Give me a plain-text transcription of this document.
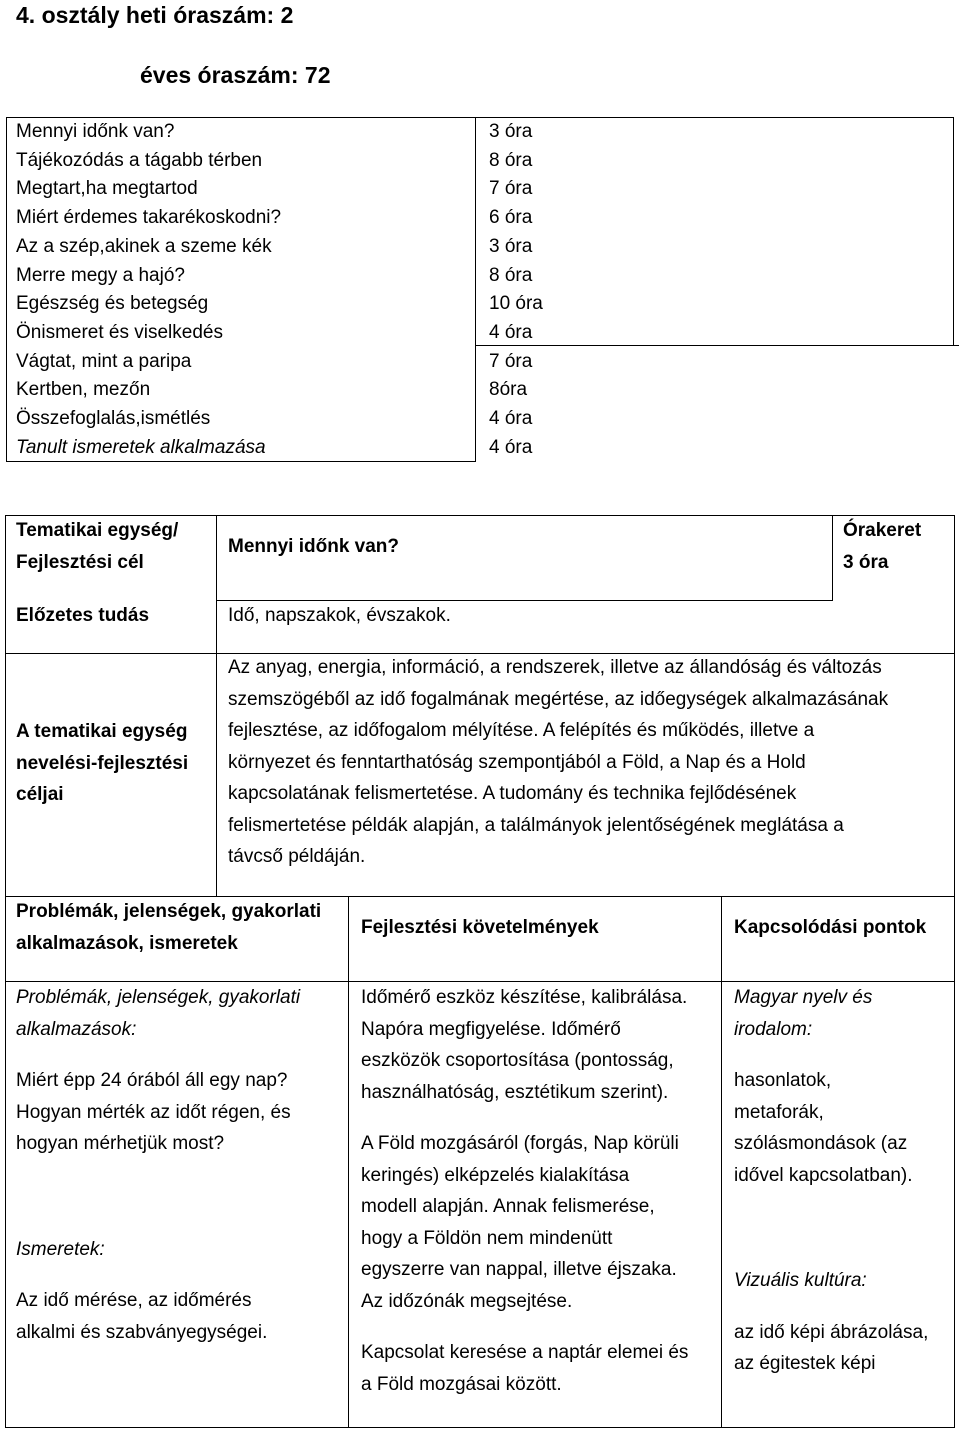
4. osztály heti óraszám: 2
éves óraszám: 72
Mennyi időnk van?
Tájékozódás a tágabb térben
Megtart,ha megtartod
Miért érdemes takarékoskodni?
Az a szép,akinek a szeme kék
Merre megy a hajó?
Egészség és betegség
Önismeret és viselkedés
Vágtat, mint a paripa
Kertben, mezőn
Összefoglalás,ismétlés
Tanult ismeretek alkalmazása
3 óra
8 óra
7 óra
6 óra
3 óra
8 óra
10 óra
4 óra
7 óra
8óra
4 óra
4 óra

Tematikai egység/

Fejlesztési cél

Mennyi időnk van?

Órakeret

3 óra

Előzetes tudás	Idő, napszakok, évszakok.

A tematikai egység

nevelési-fejlesztési

céljai

Az anyag, energia, információ, a rendszerek, illetve az állandóság és változás

szemszögéből az idő fogalmának megértése, az időegységek alkalmazásának

fejlesztése, az időfogalom mélyítése. A felépítés és működés, illetve a

környezet és fenntarthatóság szempontjából a Föld, a Nap és a Hold

kapcsolatának felismertetése. A tudomány és technika fejlődésének

felismertetése példák alapján, a találmányok jelentőségének meglátása a

távcső példáján.

Problémák, jelenségek, gyakorlati

alkalmazások, ismeretek

Fejlesztési követelmények	Kapcsolódási pontok

Problémák, jelenségek, gyakorlati

alkalmazások:

Miért épp 24 órából áll egy nap?

Hogyan mérték az időt régen, és

hogyan mérhetjük most?

Ismeretek:

Az idő mérése, az időmérés

alkalmi és szabványegységei.

Időmérő eszköz készítése, kalibrálása.

Napóra megfigyelése. Időmérő

eszközök csoportosítása (pontosság,

használhatóság, esztétikum szerint).

A Föld mozgásáról (forgás, Nap körüli

keringés) elképzelés kialakítása

modell alapján. Annak felismerése,

hogy a Földön nem mindenütt

egyszerre van nappal, illetve éjszaka.

Az időzónák megsejtése.

Kapcsolat keresése a naptár elemei és

a Föld mozgásai között.

Magyar nyelv és

irodalom:

hasonlatok,

metaforák,

szólásmondások (az

idővel kapcsolatban).

Vizuális kultúra:

az idő képi ábrázolása,

az égitestek képi
